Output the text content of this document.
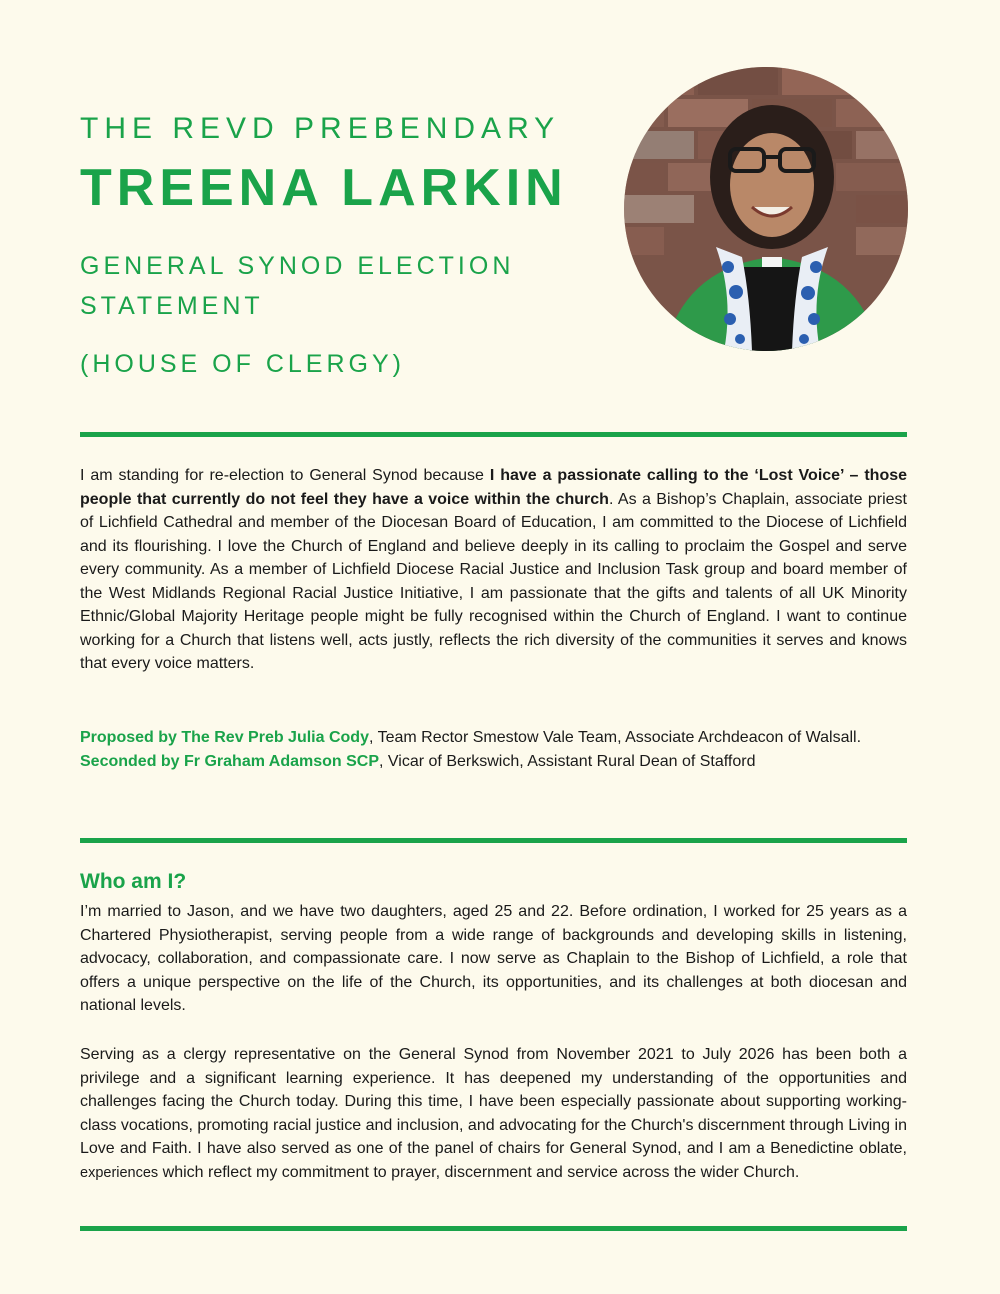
THE REVD PREBENDARY
TREENA LARKIN
GENERAL SYNOD ELECTION STATEMENT
(HOUSE OF CLERGY)

I am standing for re-election to General Synod because I have a passionate calling to the ‘Lost Voice’ – those people that currently do not feel they have a voice within the church. As a Bishop’s Chaplain, associate priest of Lichfield Cathedral and member of the Diocesan Board of Education, I am committed to the Diocese of Lichfield and its flourishing. I love the Church of England and believe deeply in its calling to proclaim the Gospel and serve every community. As a member of Lichfield Diocese Racial Justice and Inclusion Task group and board member of the West Midlands Regional Racial Justice Initiative, I am passionate that the gifts and talents of all UK Minority Ethnic/Global Majority Heritage people might be fully recognised within the Church of England. I want to continue working for a Church that listens well, acts justly, reflects the rich diversity of the communities it serves and knows that every voice matters.

Proposed by The Rev Preb Julia Cody, Team Rector Smestow Vale Team, Associate Archdeacon of Walsall.
Seconded by Fr Graham Adamson SCP, Vicar of Berkswich, Assistant Rural Dean of Stafford
Who am I?

I’m married to Jason, and we have two daughters, aged 25 and 22. Before ordination, I worked for 25 years as a Chartered Physiotherapist, serving people from a wide range of backgrounds and developing skills in listening, advocacy, collaboration, and compassionate care. I now serve as Chaplain to the Bishop of Lichfield, a role that offers a unique perspective on the life of the Church, its opportunities, and its challenges at both diocesan and national levels.

Serving as a clergy representative on the General Synod from November 2021 to July 2026 has been both a privilege and a significant learning experience. It has deepened my understanding of the opportunities and challenges facing the Church today. During this time, I have been especially passionate about supporting working-class vocations, promoting racial justice and inclusion, and advocating for the Church's discernment through Living in Love and Faith. I have also served as one of the panel of chairs for General Synod, and I am a Benedictine oblate, experiences which reflect my commitment to prayer, discernment and service across the wider Church.
